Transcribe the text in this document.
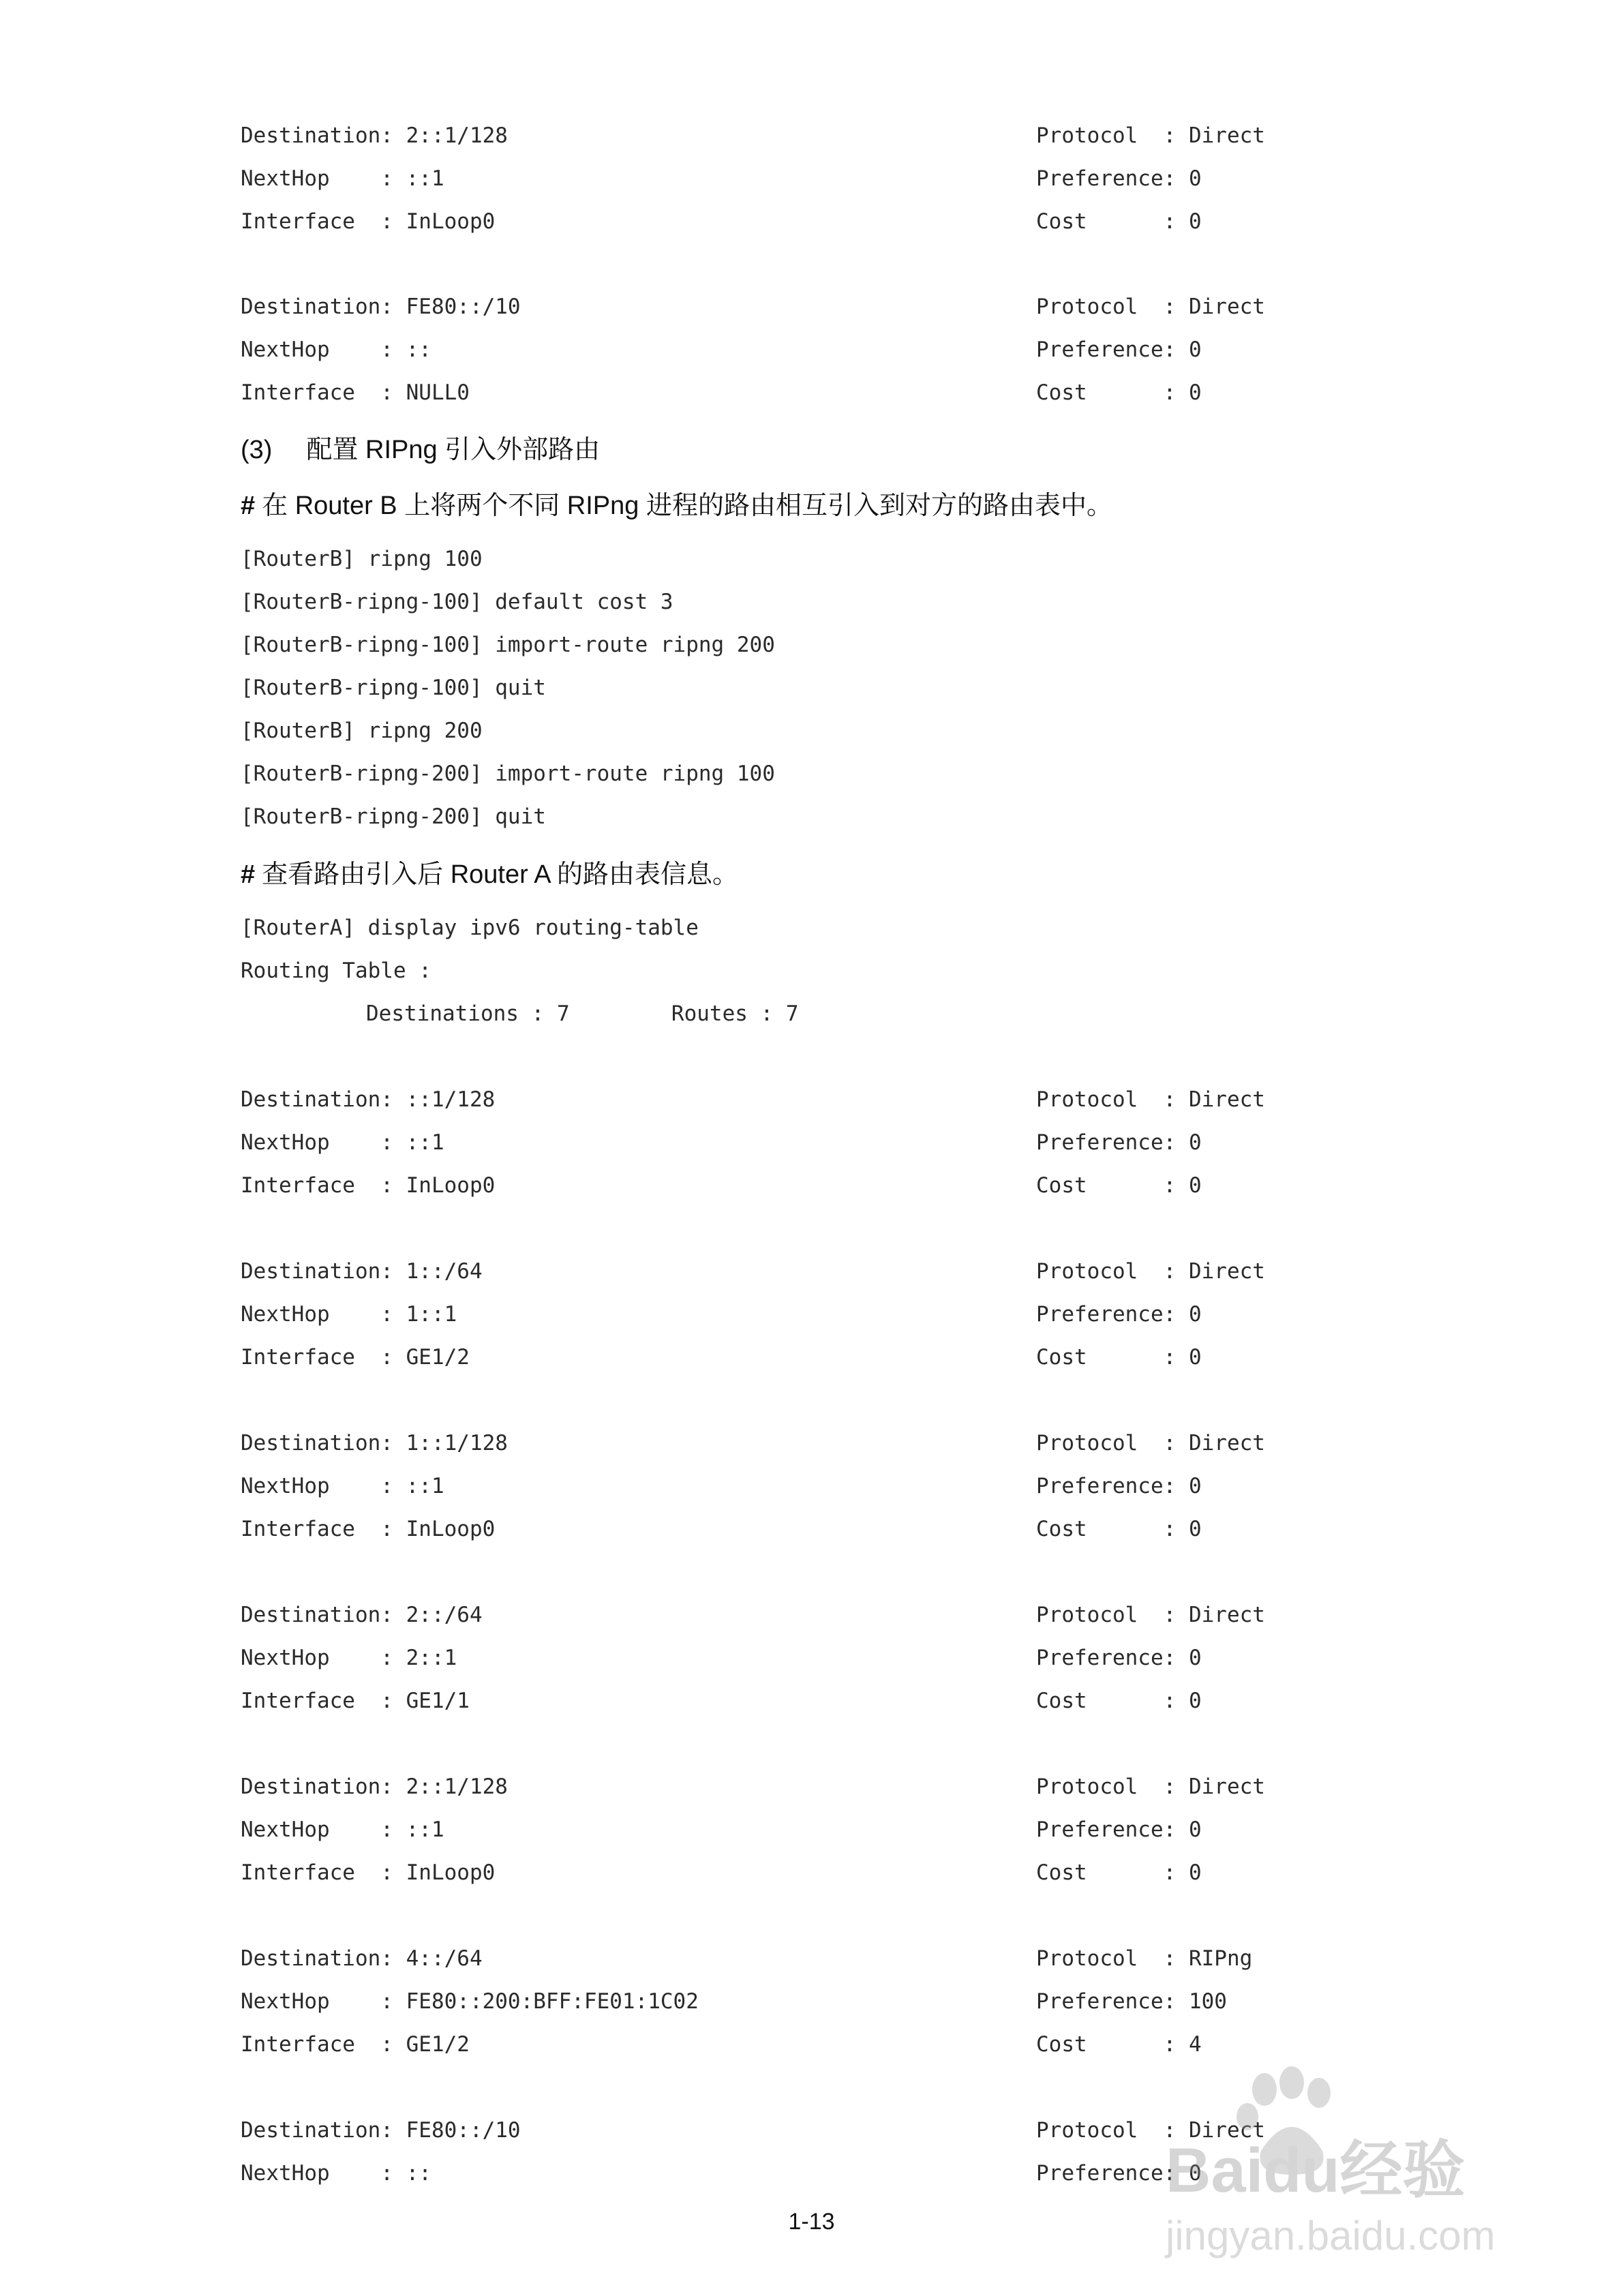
Destination: 2::1/128

	Protocol  : Direct

NextHop    : ::1

	Preference: 0

Interface  : InLoop0

	Cost      : 0

Destination: FE80::/10

	Protocol  : Direct

NextHop    : ::

	Preference: 0

Interface  : NULL0

	Cost      : 0

(3) 配置 RIPng 引入外部路由
# 在 Router B 上将两个不同 RIPng 进程的路由相互引入到对方的路由表中。

[RouterB] ripng 100

[RouterB-ripng-100] default cost 3

[RouterB-ripng-100] import-route ripng 200

[RouterB-ripng-100] quit

[RouterB] ripng 200

[RouterB-ripng-200] import-route ripng 100

[RouterB-ripng-200] quit

# 查看路由引入后 Router A 的路由表信息。

[RouterA] display ipv6 routing-table

Routing Table :

Destinations : 7        Routes : 7

Destination: ::1/128

	Protocol  : Direct

NextHop    : ::1

	Preference: 0

Interface  : InLoop0

	Cost      : 0

Destination: 1::/64

	Protocol  : Direct

NextHop    : 1::1

	Preference: 0

Interface  : GE1/2

	Cost      : 0

Destination: 1::1/128

	Protocol  : Direct

NextHop    : ::1

	Preference: 0

Interface  : InLoop0

	Cost      : 0

Destination: 2::/64

	Protocol  : Direct

NextHop    : 2::1

	Preference: 0

Interface  : GE1/1

	Cost      : 0

Destination: 2::1/128

	Protocol  : Direct

NextHop    : ::1

	Preference: 0

Interface  : InLoop0

	Cost      : 0

Destination: 4::/64

	Protocol  : RIPng

NextHop    : FE80::200:BFF:FE01:1C02

	Preference: 100

Interface  : GE1/2

	Cost      : 4

Destination: FE80::/10

	Protocol  : Direct

NextHop    : ::

	Preference: 0

1-13
Baidu经验
jingyan.baidu.com
